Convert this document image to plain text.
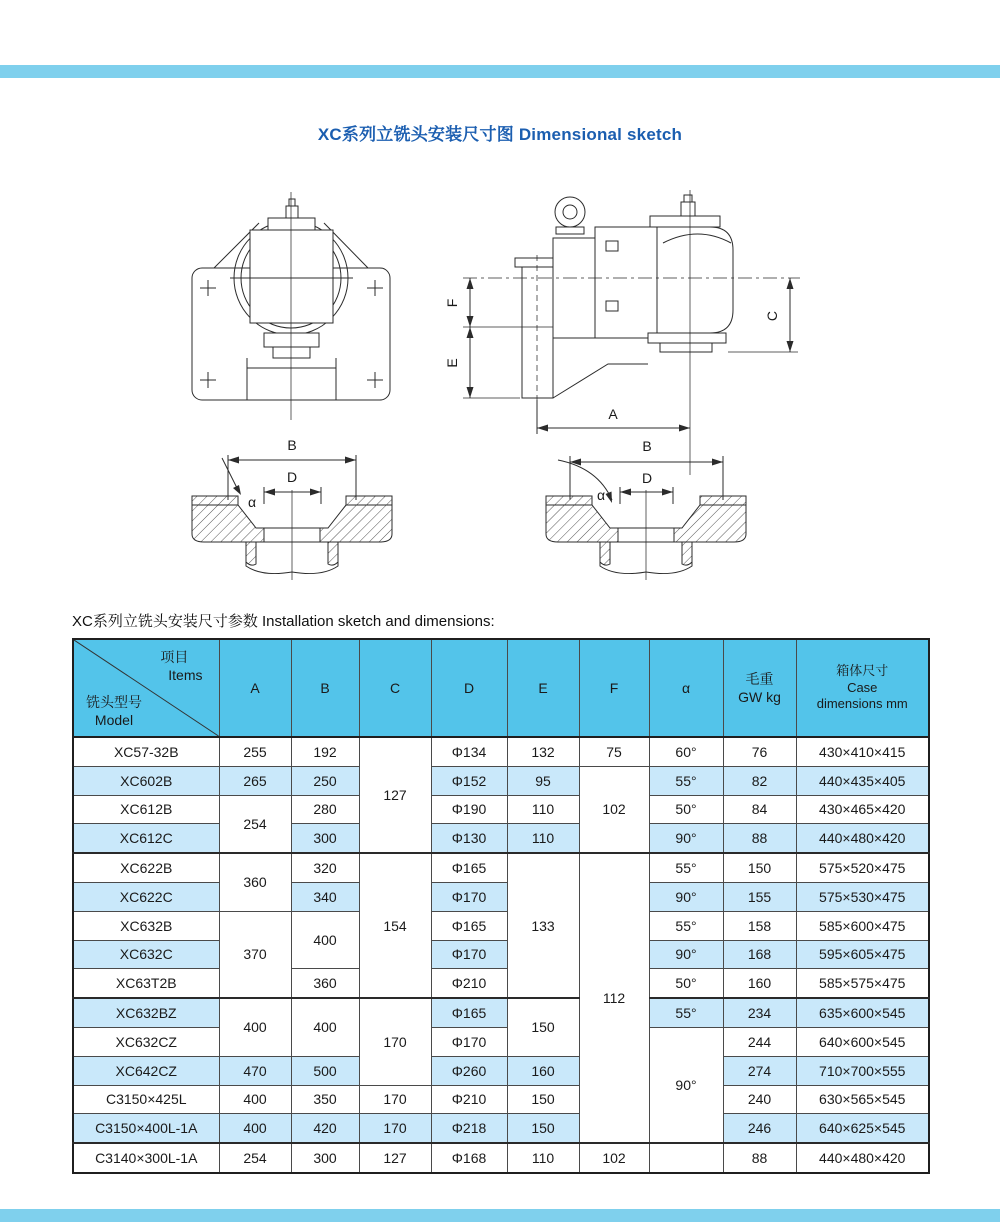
XC系列立铣头安装尺寸图 Dimensional sketch
B
D
α
F
E
C
A
B
D
α
XC系列立铣头安装尺寸参数 Installation sketch and dimensions:
项目
Items
铣头型号
Model
	A	B	C	D	E	F	α	
毛重
GW kg

箱体尺寸
Case
dimensions mm

XC57-32B	255	192	127	Φ134	132	75	60°	76	430×410×415
XC602B	265	250		Φ152	95	102	55°	82	440×435×405
XC612B	254	280		Φ190	110		50°	84	430×465×420
XC612C		300		Φ130	110		90°	88	440×480×420
XC622B	360	320	154	Φ165	133	112	55°	150	575×520×475
XC622C		340		Φ170			90°	155	575×530×475
XC632B	370	400		Φ165			55°	158	585×600×475
XC632C				Φ170			90°	168	595×605×475
XC63T2B		360		Φ210			50°	160	585×575×475
XC632BZ	400	400	170	Φ165	150		55°	234	635×600×545
XC632CZ				Φ170			90°	244	640×600×545
XC642CZ	470	500		Φ260	160			274	710×700×555
C3150×425L	400	350	170	Φ210	150			240	630×565×545
C3150×400L-1A	400	420	170	Φ218	150			246	640×625×545
C3140×300L-1A	254	300	127	Φ168	110	102		88	440×480×420
